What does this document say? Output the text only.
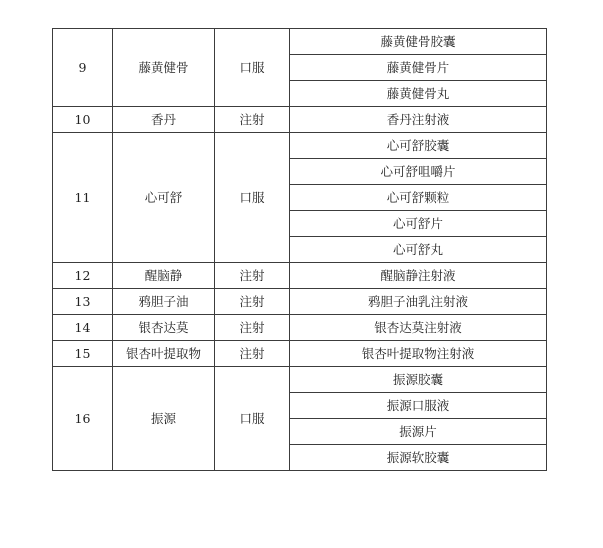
9	藤黄健骨	口服	藤黄健骨胶囊
			藤黄健骨片
			藤黄健骨丸
10	香丹	注射	香丹注射液
11	心可舒	口服	心可舒胶囊
			心可舒咀嚼片
			心可舒颗粒
			心可舒片
			心可舒丸
12	醒脑静	注射	醒脑静注射液
13	鸦胆子油	注射	鸦胆子油乳注射液
14	银杏达莫	注射	银杏达莫注射液
15	银杏叶提取物	注射	银杏叶提取物注射液
16	振源	口服	振源胶囊
			振源口服液
			振源片
			振源软胶囊
